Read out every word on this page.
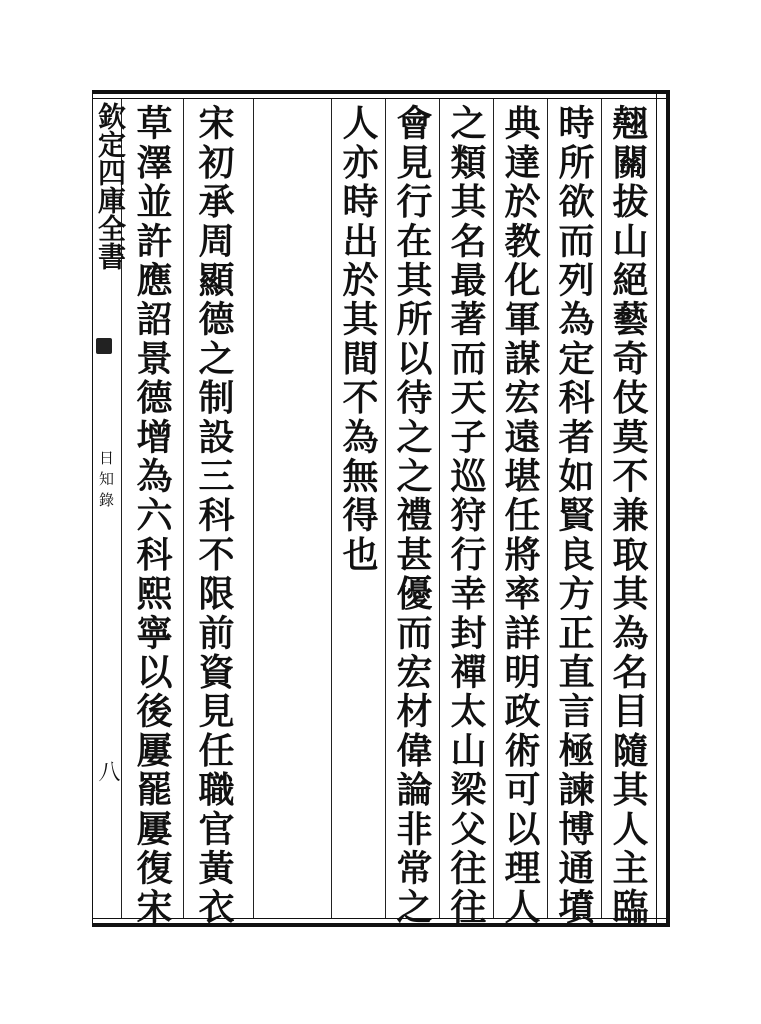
翹關拔山絕藝奇伎莫不兼取其為名目隨其人主臨
時所欲而列為定科者如賢良方正直言極諫博通墳
典達於教化軍謀宏遠堪任將率詳明政術可以理人
之類其名最著而天子巡狩行幸封禪太山梁父往往
會見行在其所以待之之禮甚優而宏材偉論非常之
人亦時出於其間不為無得也
宋初承周顯德之制設三科不限前資見任職官黃衣
草澤並許應詔景德增為六科熙寧以後屢罷屢復宋
欽定四庫全書
日知錄
八
